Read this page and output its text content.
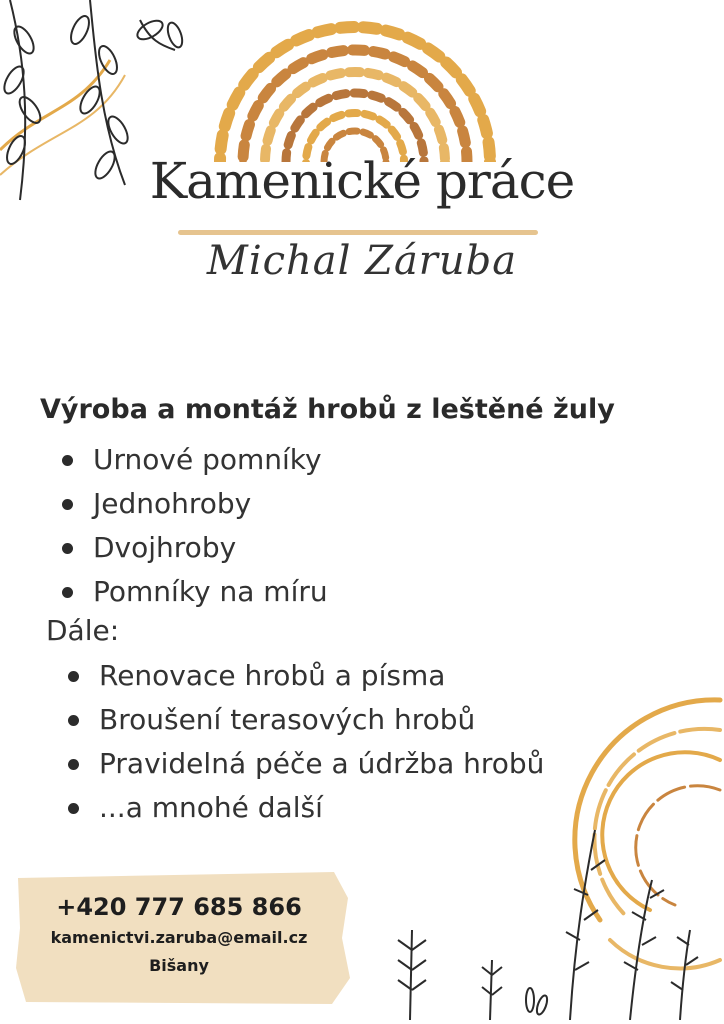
Kamenické práce
Michal Záruba
Výroba a montáž hrobů z leštěné žuly
Urnové pomníky
Jednohroby
Dvojhroby
Pomníky na míru
Dále:
Renovace hrobů a písma
Broušení terasových hrobů
Pravidelná péče a údržba hrobů
...a mnohé další
+420 777 685 866
kamenictvi.zaruba@email.cz
Bišany
